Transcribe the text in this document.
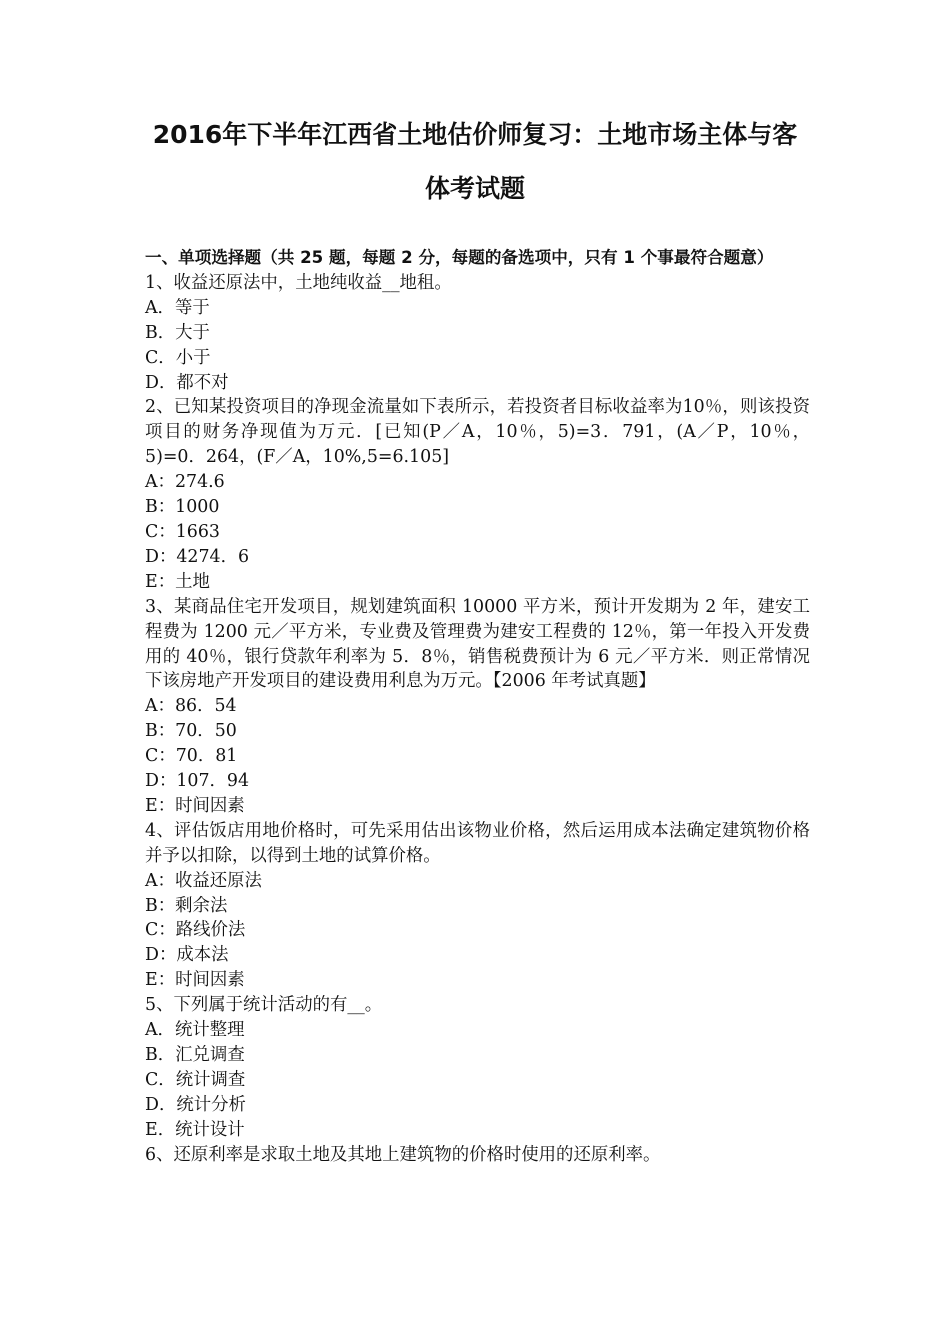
2016年下半年江西省土地估价师复习：土地市场主体与客
体考试题
一、单项选择题（共 25 题，每题 2 分，每题的备选项中，只有 1 个事最符合题意）
1、收益还原法中，土地纯收益__地租。
A．等于
B．大于
C．小于
D．都不对
2、已知某投资项目的净现金流量如下表所示，若投资者目标收益率为10％，则该投资项目的财务净现值为万元．[已知(P／A，10％，5)=3．791，(A／P，10％，5)=0．264，(F／A，10%,5=6.105]
A：274.6
B：1000
C：1663
D：4274．6
E：土地
3、某商品住宅开发项目，规划建筑面积 10000 平方米，预计开发期为 2 年，建安工程费为 1200 元／平方米，专业费及管理费为建安工程费的 12％，第一年投入开发费用的 40％，银行贷款年利率为 5．8％，销售税费预计为 6 元／平方米．则正常情况下该房地产开发项目的建设费用利息为万元。【2006 年考试真题】
A：86．54
B：70．50
C：70．81
D：107．94
E：时间因素
4、评估饭店用地价格时，可先采用估出该物业价格，然后运用成本法确定建筑物价格并予以扣除，以得到土地的试算价格。
A：收益还原法
B：剩余法
C：路线价法
D：成本法
E：时间因素
5、下列属于统计活动的有__。
A．统计整理
B．汇兑调查
C．统计调查
D．统计分析
E．统计设计
6、还原利率是求取土地及其地上建筑物的价格时使用的还原利率。
